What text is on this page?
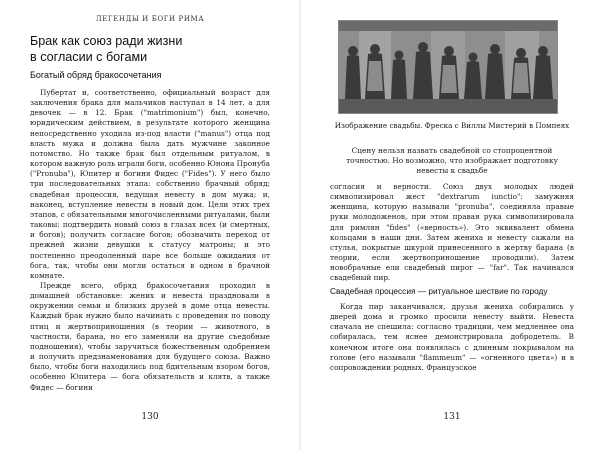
ЛЕГЕНДЫ И БОГИ РИМА
Брак как союз ради жизни
в согласии с богами
Богатый обряд бракосочетания

Пубертат и, соответственно, официальный возраст для заключения брака для мальчиков наступал в 14 лет, а для девочек — в 12. Брак ("matrimonium") был, конечно, юридическим действием, в результате которого женщина непосредственно уходила из-под власти ("manus") отца под власть мужа и должна была дать мужчине законное потомство. Но также брак был отдельным ритуалом, в котором важную роль играли боги, особенно Юнона Пронуба ("Pronuba"), Юпитер и богиня Фидес ("Fides"). У него было три последовательных этапа: собственно брачный обряд; свадебная процессия, ведущая невесту в дом мужа; и, наконец, вступление невесты в новый дом. Цели этих трех этапов, с обязательными многочисленными ритуалами, были таковы: подтвердить новый союз в глазах всех (и смертных, и богов); получить согласие богов; обозначить переход от прежней жизни девушки к статусу матроны; и это постепенно преодоленный паре все больше ожидания от бога, так, чтобы они могли остаться в одном в брачной комнате.

Прежде всего, обряд бракосочетания проходил в домашней обстановке: жених и невеста праздновали в окружении семьи и близких друзей в доме отца невесты. Каждый брак нужно было начинать с проведения по поводу птиц и жертвоприношения (в теории — животного, в частности, барана, но его заменяли на другие съедобные подношения), чтобы заручиться божественным одобрением и получить предзнаменования для будущего союза. Важно было, чтобы боги находились под бдительным взором богов, особенно Юпитера — бога обязательств и клятв, а также Фидес — богини

130
Изображение свадьбы. Фреска с Виллы Мистерий в Помпеях
Сцену нельзя назвать свадебной со стопроцентной точностью. Но возможно, что изображает подготовку невесты к свадьбе

согласия и верности. Союз двух молодых людей символизировал жест "dextrarum iunctio": замужняя женщина, которую называли "pronuba", соединяла правые руки молодоженов, при этом правая рука символизировала для римлян "fides" («верность»). Это эквивалент обмена кольцами в наши дни. Затем жениха и невесту сажали на стулья, покрытые шкурой принесенного в жертву барана (в теории, если жертвоприношение проводили). Затем новобрачные ели свадебный пирог — "far". Так начинался свадебный пир.

Свадебная процессия — ритуальное шествие по городу

Когда пир заканчивался, друзья жениха собирались у дверей дома и громко просили невесту выйти. Невеста сначала не спешила: согласно традиции, чем медленнее она собиралась, тем яснее демонстрировала добродетель. В конечном итоге она появлялась с длинным покрывалом на голове (его называли "flammeum" — «огненного цвета») и в сопровождении родных. Французское

131
